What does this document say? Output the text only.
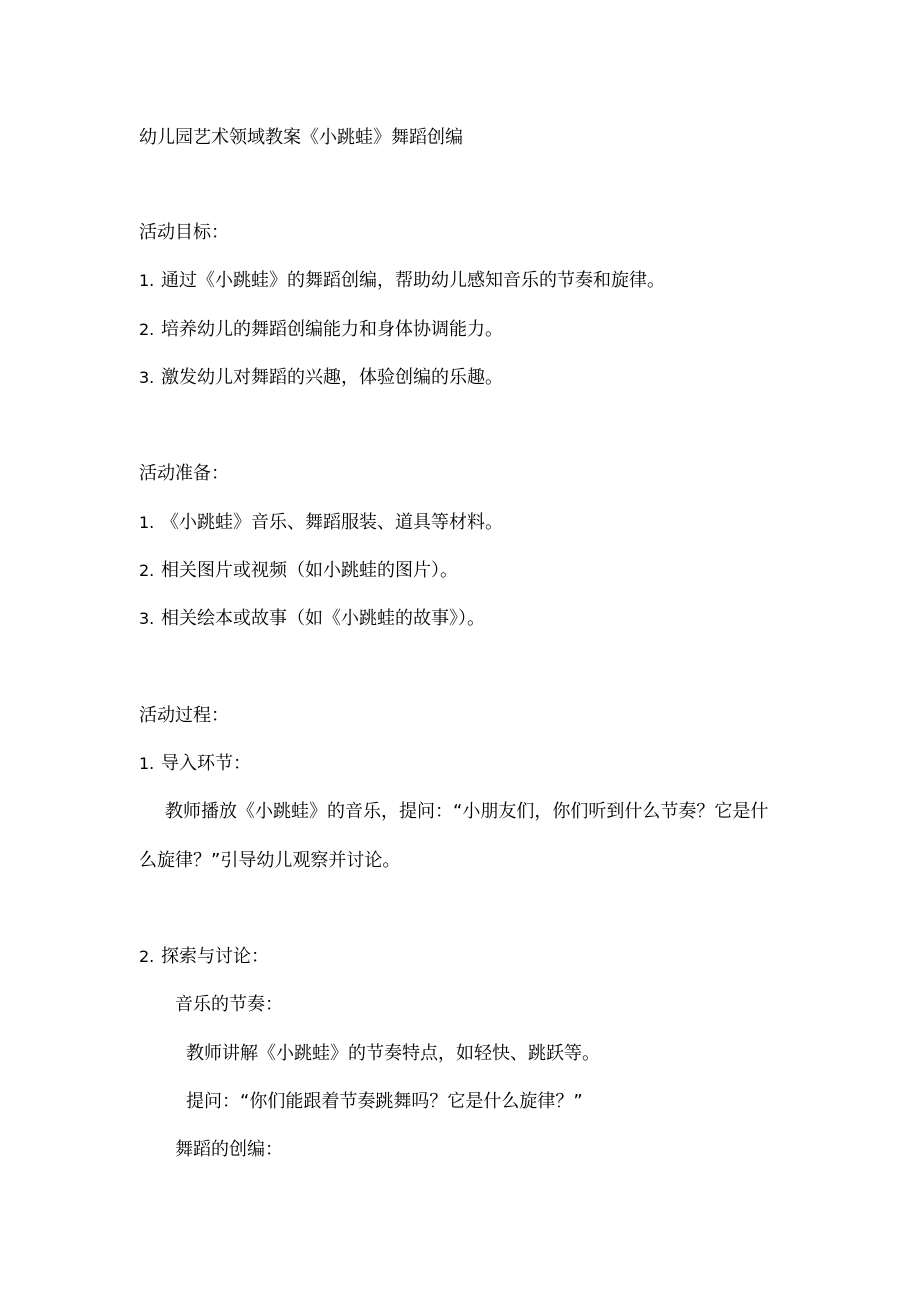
幼儿园艺术领域教案《小跳蛙》舞蹈创编
活动目标：
1. 通过《小跳蛙》的舞蹈创编，帮助幼儿感知音乐的节奏和旋律。
2. 培养幼儿的舞蹈创编能力和身体协调能力。
3. 激发幼儿对舞蹈的兴趣，体验创编的乐趣。
活动准备：
1. 《小跳蛙》音乐、舞蹈服装、道具等材料。
2. 相关图片或视频（如小跳蛙的图片）。
3. 相关绘本或故事（如《小跳蛙的故事》）。
活动过程：
1. 导入环节：
教师播放《小跳蛙》的音乐，提问：“小朋友们，你们听到什么节奏？它是什
么旋律？”引导幼儿观察并讨论。
2. 探索与讨论：
音乐的节奏：
教师讲解《小跳蛙》的节奏特点，如轻快、跳跃等。
提问：“你们能跟着节奏跳舞吗？它是什么旋律？”
舞蹈的创编：
